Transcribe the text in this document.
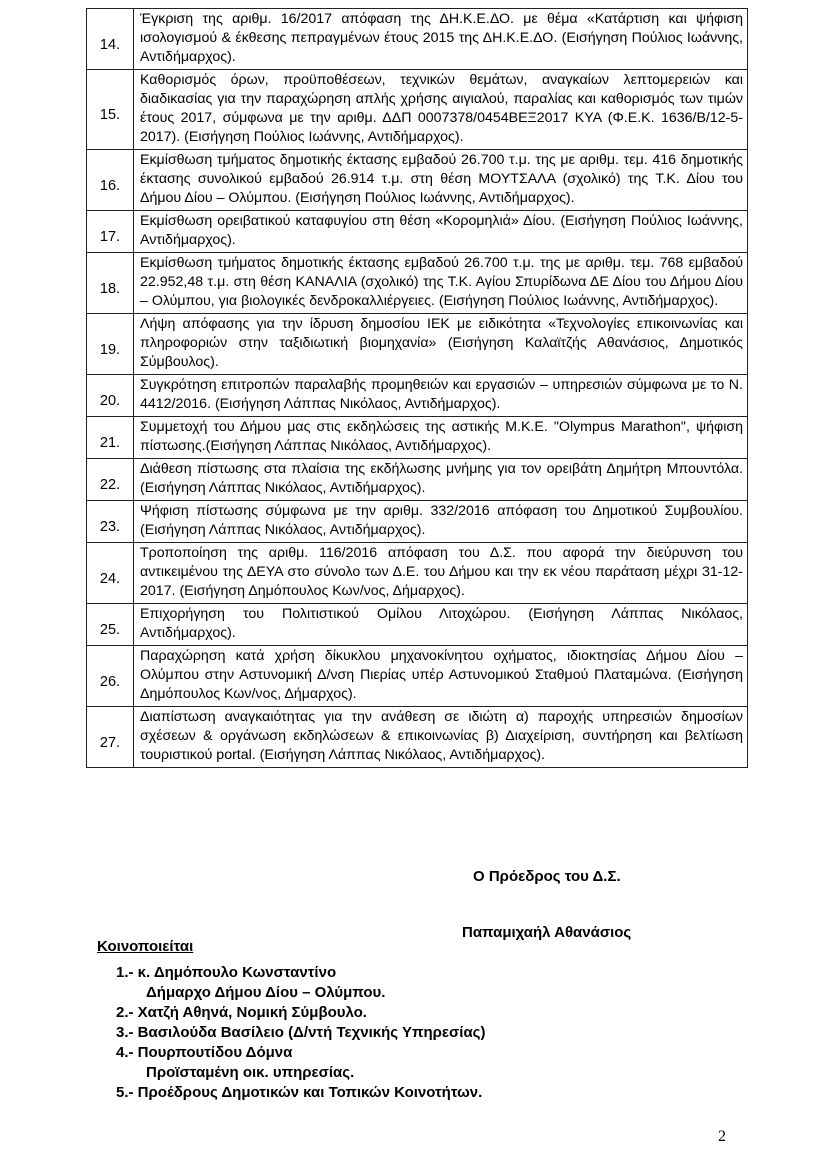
14.	Έγκριση της αριθμ. 16/2017 απόφαση της ΔΗ.Κ.Ε.ΔΟ. με θέμα «Κατάρτιση και ψήφιση ισολογισμού & έκθεσης πεπραγμένων έτους 2015 της ΔΗ.Κ.Ε.ΔΟ. (Εισήγηση Πούλιος Ιωάννης, Αντιδήμαρχος).
15.	Καθορισμός όρων, προϋποθέσεων, τεχνικών θεμάτων, αναγκαίων λεπτομερειών και διαδικασίας για την παραχώρηση απλής χρήσης αιγιαλού, παραλίας και καθορισμός των τιμών έτους 2017, σύμφωνα με την αριθμ. ΔΔΠ 0007378/0454ΒΕΞ2017 ΚΥΑ (Φ.Ε.Κ. 1636/Β/12-5-2017). (Εισήγηση Πούλιος Ιωάννης, Αντιδήμαρχος).
16.	Εκμίσθωση τμήματος δημοτικής έκτασης εμβαδού 26.700 τ.μ. της με αριθμ. τεμ. 416 δημοτικής έκτασης συνολικού εμβαδού 26.914 τ.μ. στη θέση ΜΟΥΤΣΑΛΑ (σχολικό) της Τ.Κ. Δίου του Δήμου Δίου – Ολύμπου. (Εισήγηση Πούλιος Ιωάννης, Αντιδήμαρχος).
17.	Εκμίσθωση ορειβατικού καταφυγίου στη θέση «Κορομηλιά» Δίου. (Εισήγηση Πούλιος Ιωάννης, Αντιδήμαρχος).
18.	Εκμίσθωση τμήματος δημοτικής έκτασης εμβαδού 26.700 τ.μ. της με αριθμ. τεμ. 768 εμβαδού 22.952,48 τ.μ. στη θέση ΚΑΝΑΛΙΑ (σχολικό) της Τ.Κ. Αγίου Σπυρίδωνα ΔΕ Δίου του Δήμου Δίου – Ολύμπου, για βιολογικές δενδροκαλλιέργειες. (Εισήγηση Πούλιος Ιωάννης, Αντιδήμαρχος).
19.	Λήψη απόφασης για την ίδρυση δημοσίου ΙΕΚ με ειδικότητα «Τεχνολογίες επικοινωνίας και πληροφοριών στην ταξιδιωτική βιομηχανία» (Εισήγηση Καλαϊτζής Αθανάσιος, Δημοτικός Σύμβουλος).
20.	Συγκρότηση επιτροπών παραλαβής προμηθειών και εργασιών – υπηρεσιών σύμφωνα με το Ν. 4412/2016. (Εισήγηση Λάππας Νικόλαος, Αντιδήμαρχος).
21.	Συμμετοχή του Δήμου μας στις εκδηλώσεις της αστικής Μ.Κ.Ε. "Olympus Marathon", ψήφιση πίστωσης.(Εισήγηση Λάππας Νικόλαος, Αντιδήμαρχος).
22.	Διάθεση πίστωσης στα πλαίσια της εκδήλωσης μνήμης για τον ορειβάτη Δημήτρη Μπουντόλα. (Εισήγηση Λάππας Νικόλαος, Αντιδήμαρχος).
23.	Ψήφιση πίστωσης σύμφωνα με την αριθμ. 332/2016 απόφαση του Δημοτικού Συμβουλίου. (Εισήγηση Λάππας Νικόλαος, Αντιδήμαρχος).
24.	Τροποποίηση της αριθμ. 116/2016 απόφαση του Δ.Σ. που αφορά την διεύρυνση του αντικειμένου της ΔΕΥΑ στο σύνολο των Δ.Ε. του Δήμου και την εκ νέου παράταση μέχρι 31-12-2017. (Εισήγηση Δημόπουλος Κων/νος, Δήμαρχος).
25.	Επιχορήγηση του Πολιτιστικού Ομίλου Λιτοχώρου. (Εισήγηση Λάππας Νικόλαος, Αντιδήμαρχος).
26.	Παραχώρηση κατά χρήση δίκυκλου μηχανοκίνητου οχήματος, ιδιοκτησίας Δήμου Δίου – Ολύμπου στην Αστυνομική Δ/νση Πιερίας υπέρ Αστυνομικού Σταθμού Πλαταμώνα. (Εισήγηση Δημόπουλος Κων/νος, Δήμαρχος).
27.	Διαπίστωση αναγκαιότητας για την ανάθεση σε ιδιώτη α) παροχής υπηρεσιών δημοσίων σχέσεων & οργάνωση εκδηλώσεων & επικοινωνίας β) Διαχείριση, συντήρηση και βελτίωση τουριστικού portal. (Εισήγηση Λάππας Νικόλαος, Αντιδήμαρχος).
Ο Πρόεδρος του Δ.Σ.
Παπαμιχαήλ Αθανάσιος
Κοινοποιείται
1.- κ. Δημόπουλο Κωνσταντίνο
Δήμαρχο Δήμου Δίου – Ολύμπου.
2.- Χατζή Αθηνά, Νομική Σύμβουλο.
3.- Βασιλούδα Βασίλειο (Δ/ντή Τεχνικής Υπηρεσίας)
4.- Πουρπουτίδου Δόμνα
Προϊσταμένη οικ. υπηρεσίας.
5.- Προέδρους Δημοτικών και Τοπικών Κοινοτήτων.
2
